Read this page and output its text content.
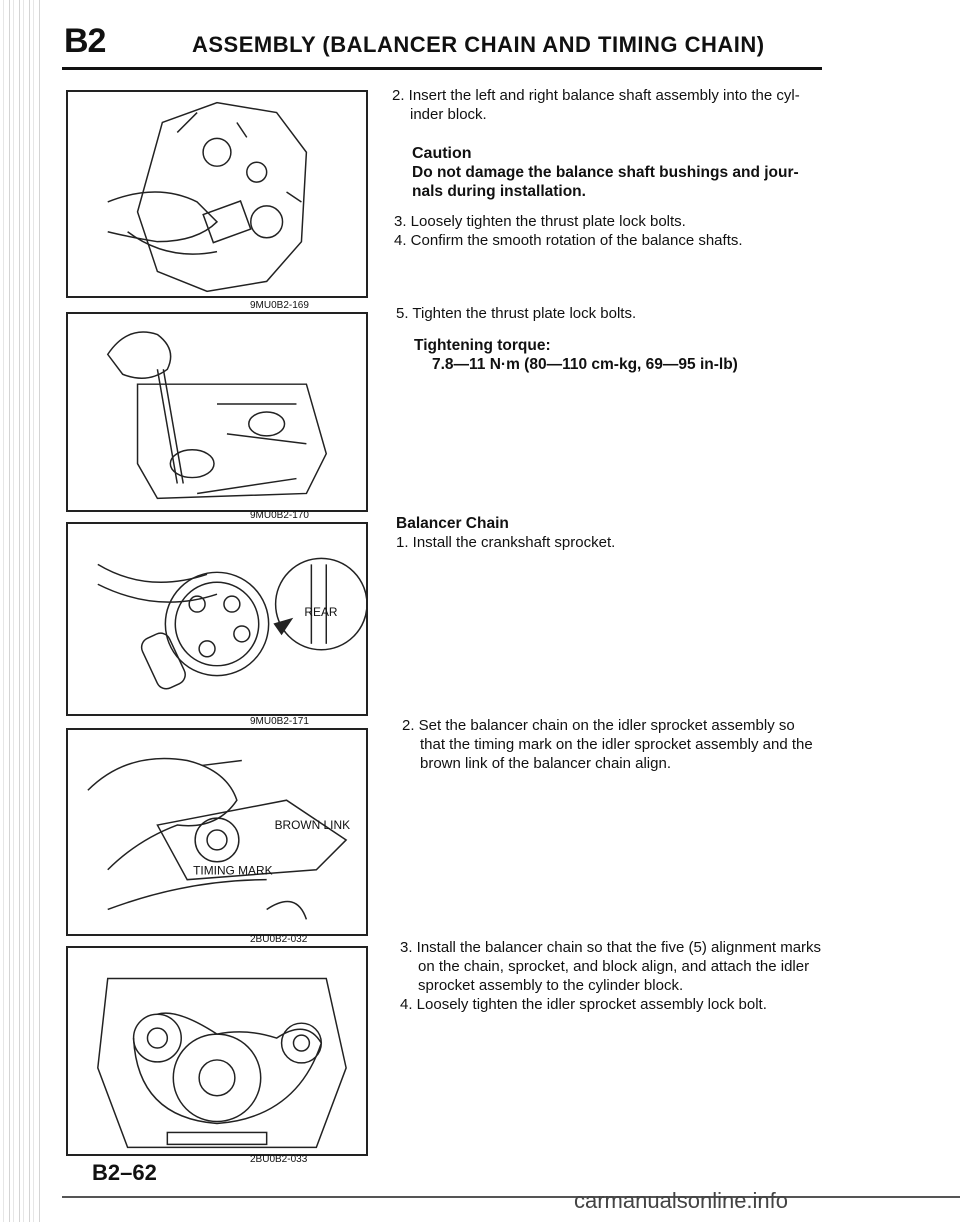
B2	ASSEMBLY (BALANCER CHAIN AND TIMING CHAIN)
9MU0B2-169
9MU0B2-170
REAR
9MU0B2-171
BROWN LINK
TIMING MARK
2BU0B2-032
2BU0B2-033
2. Insert the left and right balance shaft assembly into the cyl-
inder block.
Caution
Do not damage the balance shaft bushings and jour-
nals during installation.
3. Loosely tighten the thrust plate lock bolts.
4. Confirm the smooth rotation of the balance shafts.
5. Tighten the thrust plate lock bolts.
Tightening torque:
7.8—11 N·m (80—110 cm-kg, 69—95 in-lb)
Balancer Chain
1. Install the crankshaft sprocket.
2. Set the balancer chain on the idler sprocket assembly so
that the timing mark on the idler sprocket assembly and the
brown link of the balancer chain align.
3. Install the balancer chain so that the five (5) alignment marks
on the chain, sprocket, and block align, and attach the idler
sprocket assembly to the cylinder block.
4. Loosely tighten the idler sprocket assembly lock bolt.
B2–62
carmanualsonline.info
